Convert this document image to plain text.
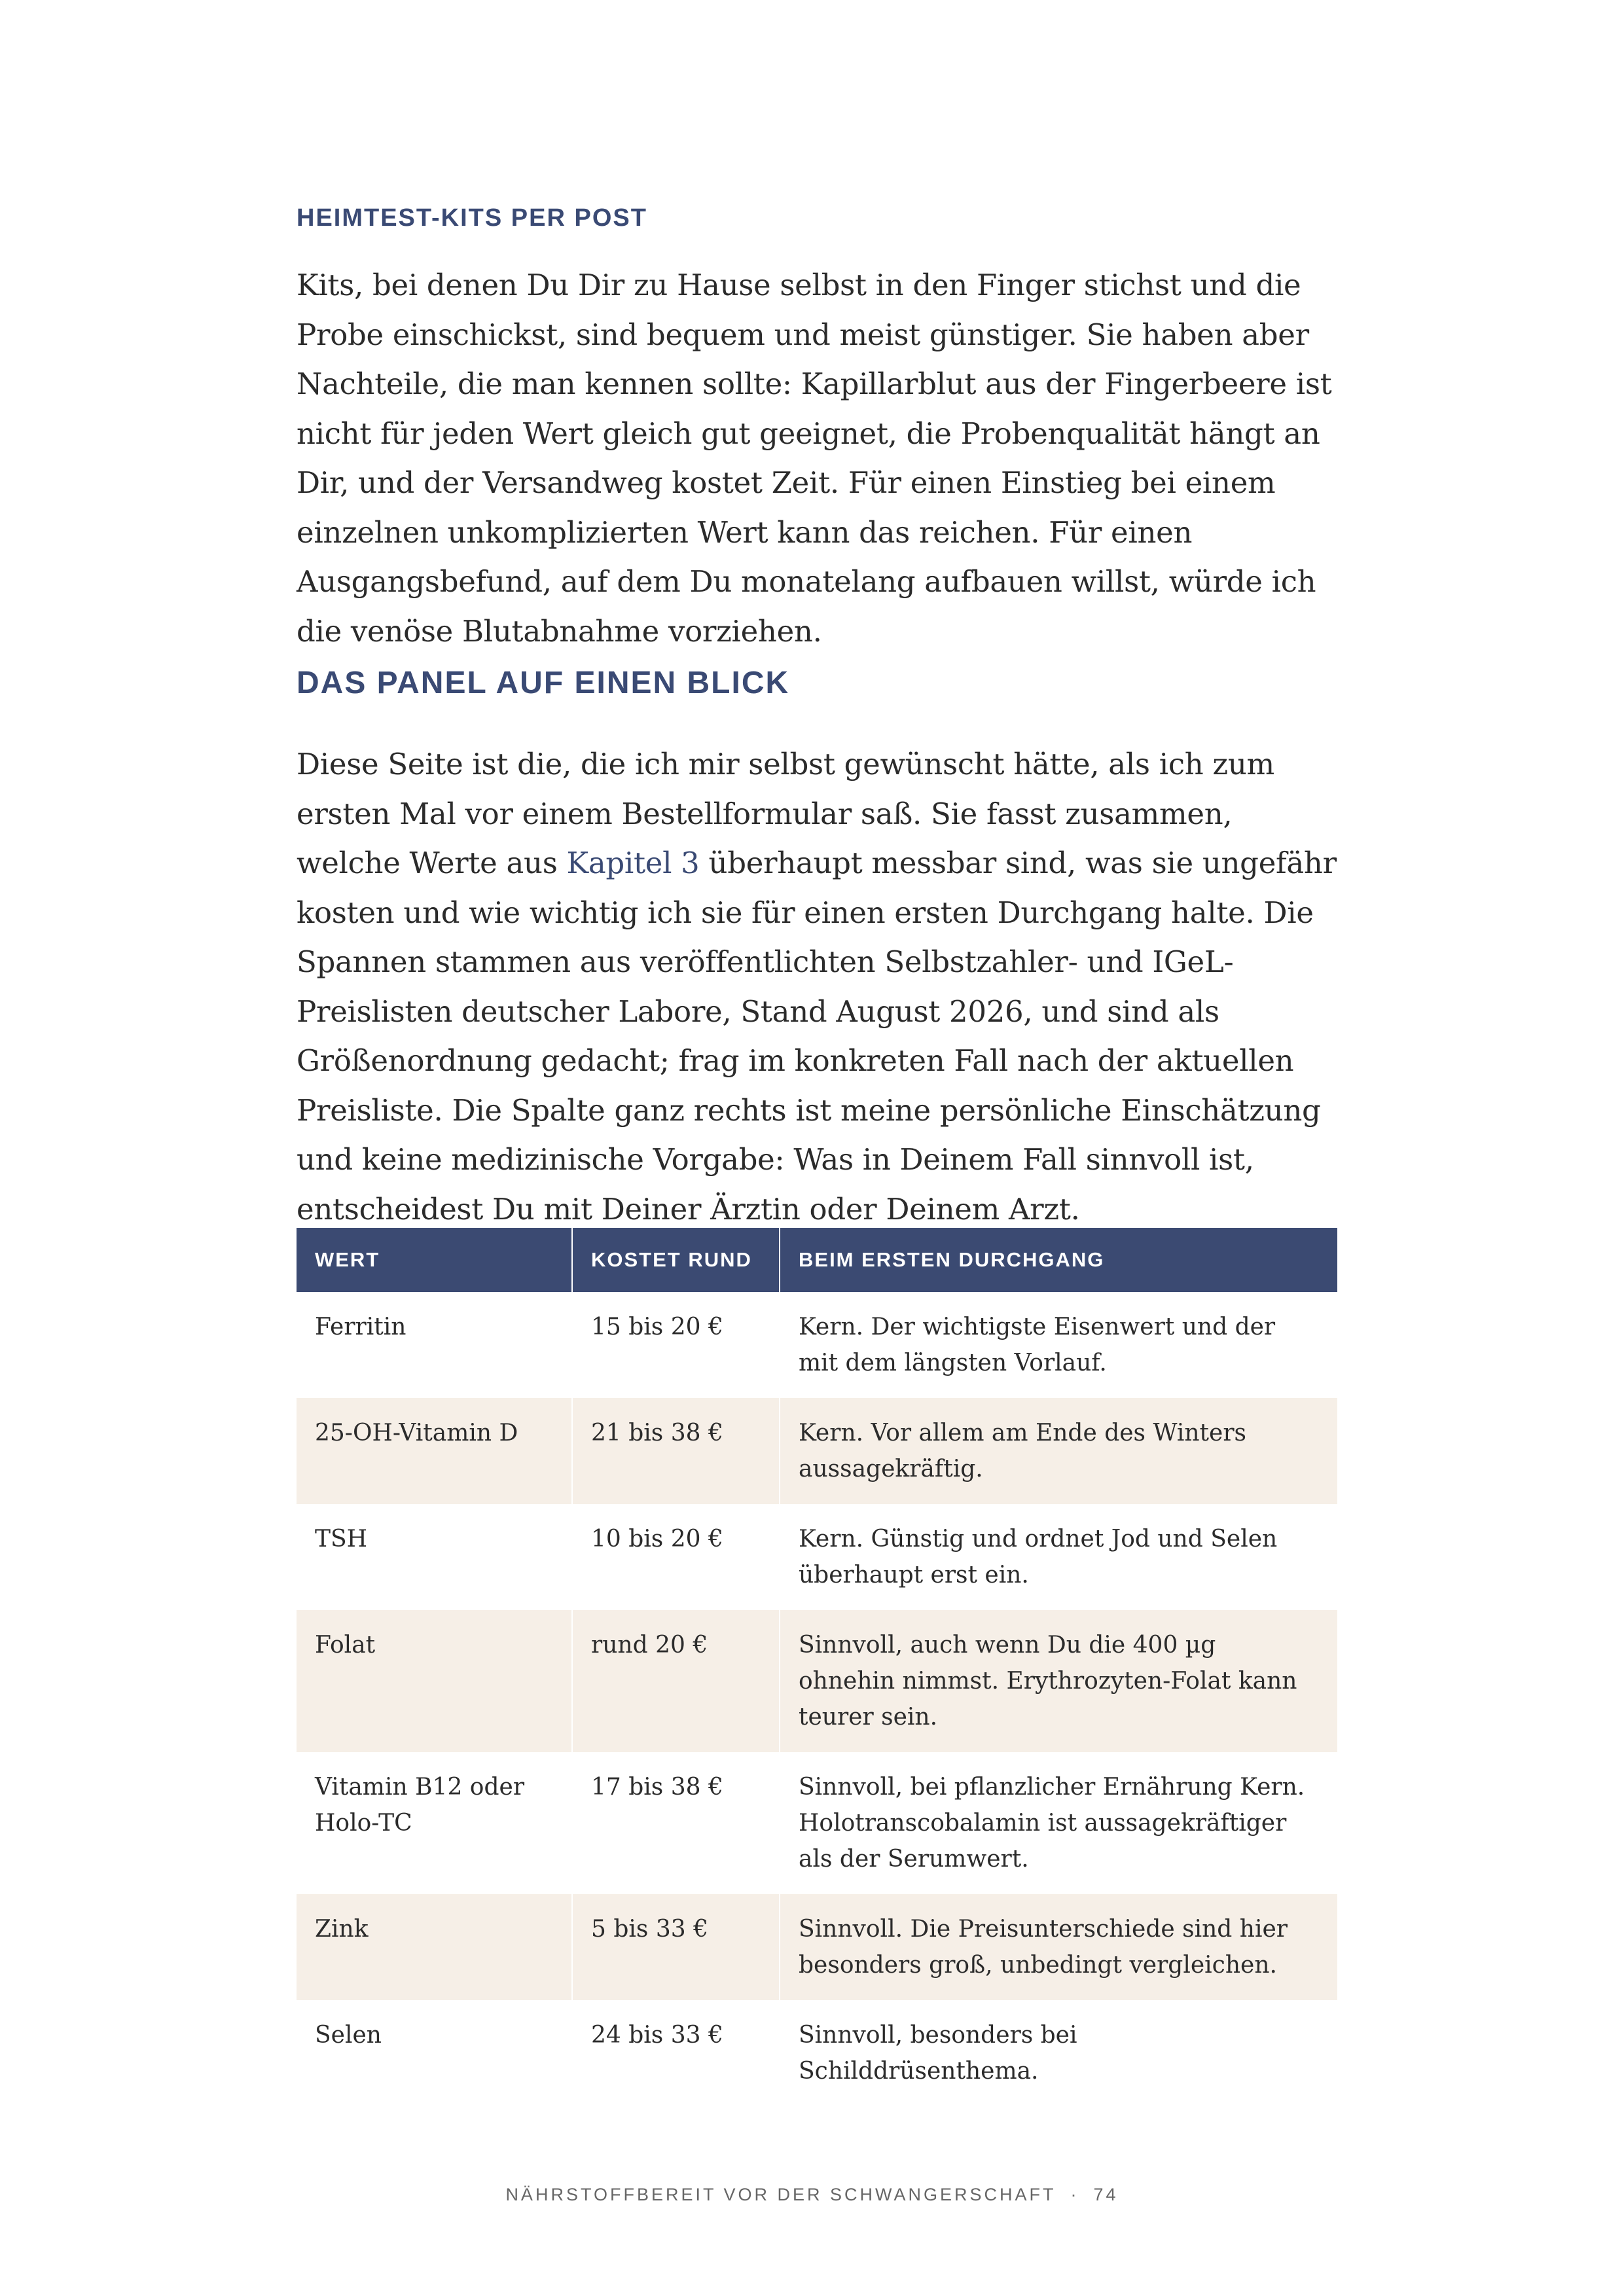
HEIMTEST-KITS PER POST

Kits, bei denen Du Dir zu Hause selbst in den Finger stichst und die Probe einschickst, sind bequem und meist günstiger. Sie haben aber Nachteile, die man kennen sollte: Kapillarblut aus der Fingerbeere ist nicht für jeden Wert gleich gut geeignet, die Probenqualität hängt an Dir, und der Versandweg kostet Zeit. Für einen Einstieg bei einem einzelnen unkomplizierten Wert kann das reichen. Für einen Ausgangsbefund, auf dem Du monatelang aufbauen willst, würde ich die venöse Blutabnahme vorziehen.

DAS PANEL AUF EINEN BLICK

Diese Seite ist die, die ich mir selbst gewünscht hätte, als ich zum ersten Mal vor einem Bestellformular saß. Sie fasst zusammen, welche Werte aus Kapitel 3 überhaupt messbar sind, was sie ungefähr kosten und wie wichtig ich sie für einen ersten Durchgang halte. Die Spannen stammen aus veröffentlichten Selbstzahler- und IGeL-Preislisten deutscher Labore, Stand August 2026, und sind als Größenordnung gedacht; frag im konkreten Fall nach der aktuellen Preisliste. Die Spalte ganz rechts ist meine persönliche Einschätzung und keine medizinische Vorgabe: Was in Deinem Fall sinnvoll ist, entscheidest Du mit Deiner Ärztin oder Deinem Arzt.

WERT	KOSTET RUND	BEIM ERSTEN DURCHGANG
Ferritin	15 bis 20 €	Kern. Der wichtigste Eisenwert und der mit dem längsten Vorlauf.
25-OH-Vitamin D	21 bis 38 €	Kern. Vor allem am Ende des Winters aussagekräftig.
TSH	10 bis 20 €	Kern. Günstig und ordnet Jod und Selen überhaupt erst ein.
Folat	rund 20 €	Sinnvoll, auch wenn Du die 400 µg ohnehin nimmst. Erythrozyten-Folat kann teurer sein.
Vitamin B12 oder Holo-TC	17 bis 38 €	Sinnvoll, bei pflanzlicher Ernährung Kern. Holotranscobalamin ist aussagekräftiger als der Serumwert.
Zink	5 bis 33 €	Sinnvoll. Die Preisunterschiede sind hier besonders groß, unbedingt vergleichen.
Selen	24 bis 33 €	Sinnvoll, besonders bei Schilddrüsenthema.
NÄHRSTOFFBEREIT VOR DER SCHWANGERSCHAFT · 74
